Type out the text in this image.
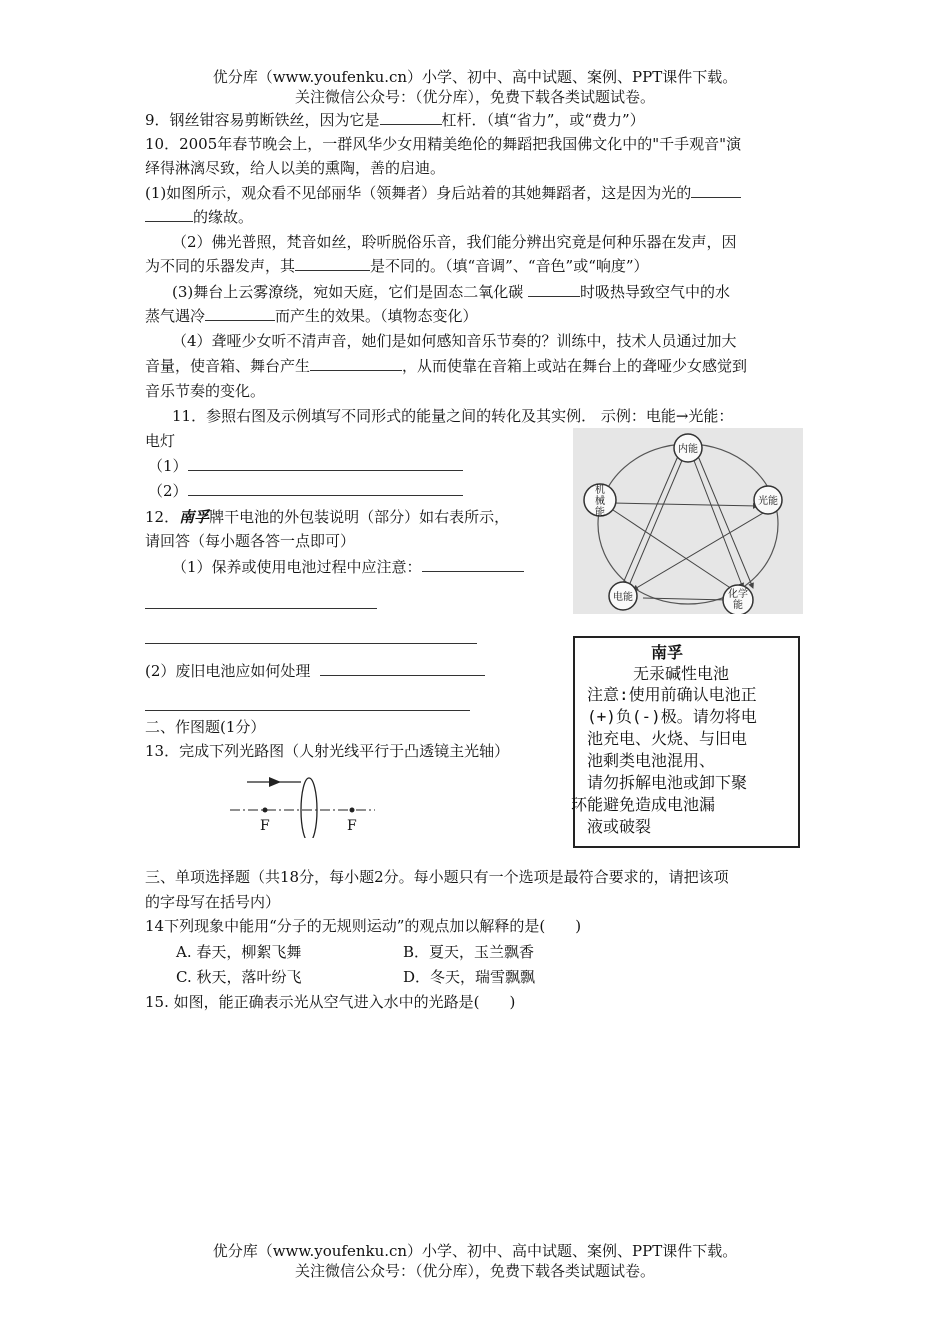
优分库（www.youfenku.cn）小学、初中、高中试题、案例、PPT课件下载。
关注微信公众号：（优分库），免费下载各类试题试卷。
9．钢丝钳容易剪断铁丝，因为它是	杠杆．（填“省力”，或“费力”）
10．2005年春节晚会上，一群风华少女用精美绝伦的舞蹈把我国佛文化中的"千手观音"演
绎得淋漓尽致，给人以美的熏陶，善的启迪。
(1)如图所示，观众看不见邰丽华（领舞者）身后站着的其她舞蹈者，这是因为光的
的缘故。
（2）佛光普照，梵音如丝，聆听脱俗乐音，我们能分辨出究竟是何种乐器在发声，因
为不同的乐器发声，其	是不同的。（填“音调”、“音色”或“响度”）
(3)舞台上云雾潦绕，宛如天庭，它们是固态二氧化碳	时吸热导致空气中的水
蒸气遇冷	而产生的效果。（填物态变化）
（4）聋哑少女听不清声音，她们是如何感知音乐节奏的？训练中，技术人员通过加大
音量，使音箱、舞台产生	，从而使靠在音箱上或站在舞台上的聋哑少女感觉到
音乐节奏的变化。
11．参照右图及示例填写不同形式的能量之间的转化及其实例． 示例：电能→光能：
电灯
（1）
（2）
内能
光能
机
械
能
电能	化学
能
12．南孚牌干电池的外包装说明（部分）如右表所示，
请回答（每小题各答一点即可）
（1）保养或使用电池过程中应注意：
(2）废旧电池应如何处理
南孚
无汞碱性电池
注意:使用前确认电池正
(+)负(-)极。请勿将电
池充电、火烧、与旧电
池剩类电池混用、
请勿拆解电池或卸下聚
环能避免造成电池漏
液或破裂
二、作图题(1分）
13．完成下列光路图（人射光线平行于凸透镜主光轴）
F	F
三、单项选择题（共18分，每小题2分。每小题只有一个选项是最符合要求的，请把该项
的字母写在括号内）
14下列现象中能用“分子的无规则运动”的观点加以解释的是(　　)
A. 春天，柳絮飞舞	B．夏天，玉兰飘香
C. 秋天，落叶纷飞	D．冬天，瑞雪飘飘
15. 如图，能正确表示光从空气进入水中的光路是(　　)
优分库（www.youfenku.cn）小学、初中、高中试题、案例、PPT课件下载。
关注微信公众号：（优分库），免费下载各类试题试卷。
